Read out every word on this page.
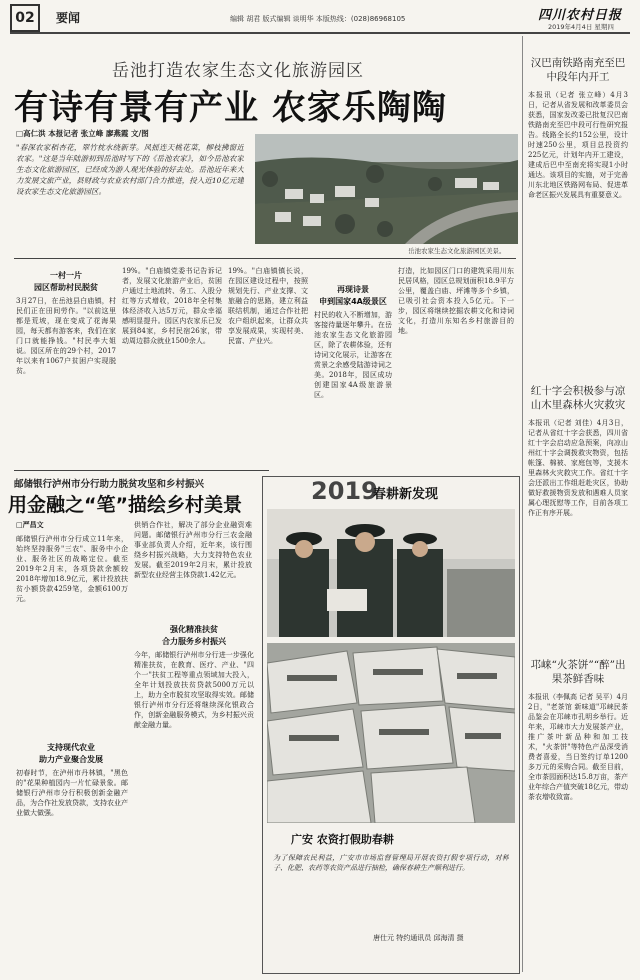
02	要闻	编辑 胡君 版式编辑 谈明华 本版热线：(028)86968105	四川农村日报
2019年4月4日 星期四
岳池打造农家生态文化旅游园区
有诗有景有产业 农家乐陶陶
□高仁洪 本报记者 张立峰 廖燕霞 文/图
"春深农家稻杏花，翠竹枕水绕新芽。风摇连天桃花菜，柳枝拂窗近农家。"这是当年陆游初到岳池时写下的《岳池农家》，如今岳池农家生态文化旅游园区，已经成为游人观光体验的好去处。岳池近年来大力发展文旅产业，县财政与农业农村部门合力推进，投入近10亿元建设农家生态文化旅游园区。
岳池农家生态文化旅游园区美景。
一村一片
园区帮助村民脱贫
3月27日，在岳池县白庙镇，村民们正在田间劳作。"以前这里都是荒坡，现在变成了花海果园，每天都有游客来，我们在家门口就能挣钱。"村民李大姐说。园区所在的29个村，2017年以来有1067户贫困户实现脱贫。
19%。"白庙镇党委书记告诉记者，发展文化旅游产业后，贫困户通过土地流转、务工、入股分红等方式增收，2018年全村集体经济收入达5万元，群众幸福感明显提升。园区内农家乐已发展到84家，乡村民宿26家，带动周边群众就业1500余人。
19%。"白庙镇镇长说，在园区建设过程中，按照规划先行、产业支撑、文旅融合的思路，建立利益联结机制，通过合作社把农户组织起来，让群众共享发展成果，实现村美、民富、产业兴。
再现诗景
申到国家4A级景区
村民的收入不断增加，游客接待量逐年攀升。在岳池农家生态文化旅游园区，除了农耕体验，还有诗词文化展示，让游客在赏景之余感受陆游诗词之美。2018年，园区成功创建国家4A级旅游景区。
打造，比如园区门口的建筑采用川东民居风格，园区总规划面积18.9平方公里，覆盖白庙、坪滩等多个乡镇，已吸引社会资本投入5亿元。下一步，园区将继续挖掘农耕文化和诗词文化，打造川东知名乡村旅游目的地。
邮储银行泸州市分行助力脱贫攻坚和乡村振兴
用金融之“笔”描绘乡村美景
□严昌文
邮储银行泸州市分行成立11年来，始终坚持服务"三农"、服务中小企业、服务社区的战略定位。截至2019年2月末，各项贷款余额较2018年增加18.9亿元，累计投放扶贫小额贷款4259笔，金额6100万元。
支持现代农业
助力产业聚合发展
初春时节，在泸州市丹林镇，"黑色的"花果种植园内一片忙碌景象。邮储银行泸州市分行积极创新金融产品，为合作社发放贷款，支持农业产业做大做强。
供销合作社，解决了部分企业融资难问题。邮储银行泸州市分行三农金融事业部负责人介绍，近年来，该行围绕乡村振兴战略，大力支持特色农业发展。截至2019年2月末，累计投放新型农业经营主体贷款1.42亿元。
强化精准扶贫
合力服务乡村振兴
今年，邮储银行泸州市分行进一步强化精准扶贫，在教育、医疗、产业、"四个一"扶贫工程等重点领域加大投入，全年计划投放扶贫贷款5000万元以上，助力全市脱贫攻坚取得实效。邮储银行泸州市分行还将继续深化银政合作，创新金融服务模式，为乡村振兴贡献金融力量。
2019
春耕新发现
广安 农资打假助春耕
为了保障农民利益，广安市市场监督管理局开展农资打假专项行动，对种子、化肥、农药等农资产品进行抽检，确保春耕生产顺利进行。
唐仕元 特约通讯员 邱海清 摄
汉巴南铁路南充至巴中段年内开工
本报讯（记者 张立峰）4月3日，记者从省发展和改革委员会获悉，国家发改委已批复汉巴南铁路南充至巴中段可行性研究报告。线路全长约152公里，设计时速250公里，项目总投资约225亿元，计划年内开工建设，建成后巴中至南充将实现1小时通达。该项目的实施，对于完善川东北地区铁路网布局、促进革命老区振兴发展具有重要意义。
红十字会积极参与凉山木里森林火灾救灾
本报讯（记者 刘佳）4月3日，记者从省红十字会获悉，四川省红十字会启动应急预案，向凉山州红十字会调拨救灾物资，包括帐篷、棉被、家庭包等，支援木里森林火灾救灾工作。省红十字会还派出工作组赶赴灾区，协助做好救援物资发放和遇难人员家属心理抚慰等工作，目前各项工作正有序开展。
邛崃“火茶饼”“醉”出果茶鲜香味
本报讯（李佩高 记者 吴平）4月2日，"老茶馆 新味道"邛崃民茶品鉴会在邛崃市孔明乡举行。近年来，邛崃市大力发展茶产业，推广茶叶新品种和加工技术，"火茶饼"等特色产品深受消费者喜爱，当日签约订单1200多万元的采购合同。截至目前，全市茶园面积达15.8万亩，茶产业年综合产值突破18亿元，带动茶农增收致富。
